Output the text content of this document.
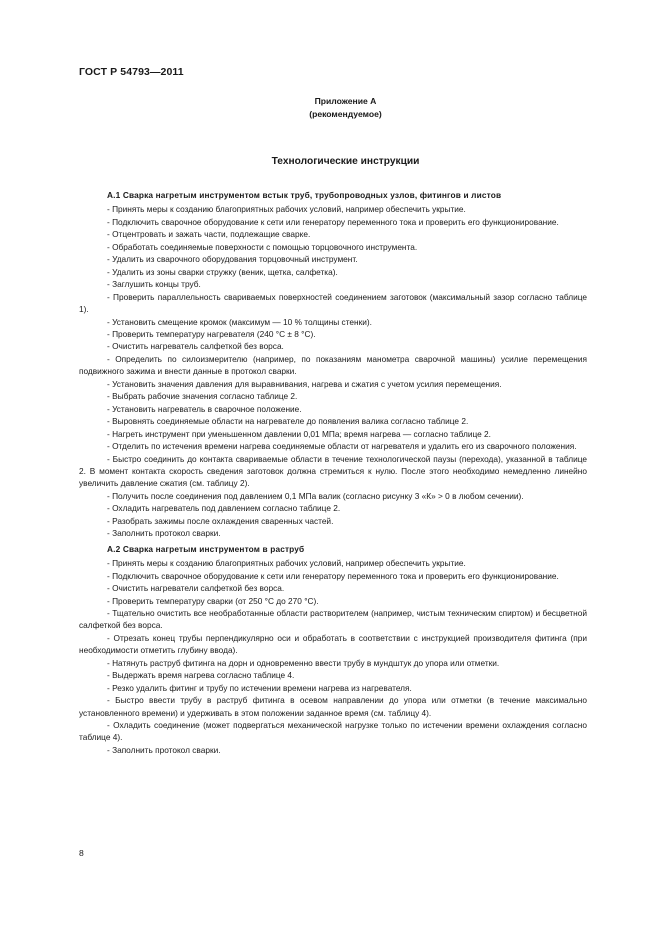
ГОСТ Р 54793—2011
Приложение А
(рекомендуемое)
Технологические инструкции
А.1 Сварка нагретым инструментом встык труб, трубопроводных узлов, фитингов и листов
- Принять меры к созданию благоприятных рабочих условий, например обеспечить укрытие.
- Подключить сварочное оборудование к сети или генератору переменного тока и проверить его функционирование.
- Отцентровать и зажать части, подлежащие сварке.
- Обработать соединяемые поверхности с помощью торцовочного инструмента.
- Удалить из сварочного оборудования торцовочный инструмент.
- Удалить из зоны сварки стружку (веник, щетка, салфетка).
- Заглушить концы труб.
- Проверить параллельность свариваемых поверхностей соединением заготовок (максимальный зазор согласно таблице 1).
- Установить смещение кромок (максимум — 10 % толщины стенки).
- Проверить температуру нагревателя (240 °С ± 8 °С).
- Очистить нагреватель салфеткой без ворса.
- Определить по силоизмерителю (например, по показаниям манометра сварочной машины) усилие перемещения подвижного зажима и внести данные в протокол сварки.
- Установить значения давления для выравнивания, нагрева и сжатия с учетом усилия перемещения.
- Выбрать рабочие значения согласно таблице 2.
- Установить нагреватель в сварочное положение.
- Выровнять соединяемые области на нагревателе до появления валика согласно таблице 2.
- Нагреть инструмент при уменьшенном давлении 0,01 МПа; время нагрева — согласно таблице 2.
- Отделить по истечения времени нагрева соединяемые области от нагревателя и удалить его из сварочного положения.
- Быстро соединить до контакта свариваемые области в течение технологической паузы (перехода), указанной в таблице 2. В момент контакта скорость сведения заготовок должна стремиться к нулю. После этого необходимо немедленно линейно увеличить давление сжатия (см. таблицу 2).
- Получить после соединения под давлением 0,1 МПа валик (согласно рисунку 3 «К» > 0 в любом сечении).
- Охладить нагреватель под давлением согласно таблице 2.
- Разобрать зажимы после охлаждения сваренных частей.
- Заполнить протокол сварки.
А.2 Сварка нагретым инструментом в раструб
- Принять меры к созданию благоприятных рабочих условий, например обеспечить укрытие.
- Подключить сварочное оборудование к сети или генератору переменного тока и проверить его функционирование.
- Очистить нагреватели салфеткой без ворса.
- Проверить температуру сварки (от 250 °С до 270 °С).
- Тщательно очистить все необработанные области растворителем (например, чистым техническим спиртом) и бесцветной салфеткой без ворса.
- Отрезать конец трубы перпендикулярно оси и обработать в соответствии с инструкцией производителя фитинга (при необходимости отметить глубину ввода).
- Натянуть раструб фитинга на дорн и одновременно ввести трубу в мундштук до упора или отметки.
- Выдержать время нагрева согласно таблице 4.
- Резко удалить фитинг и трубу по истечении времени нагрева из нагревателя.
- Быстро ввести трубу в раструб фитинга в осевом направлении до упора или отметки (в течение максимально установленного времени) и удерживать в этом положении заданное время (см. таблицу 4).
- Охладить соединение (может подвергаться механической нагрузке только по истечении времени охлаждения согласно таблице 4).
- Заполнить протокол сварки.
8
